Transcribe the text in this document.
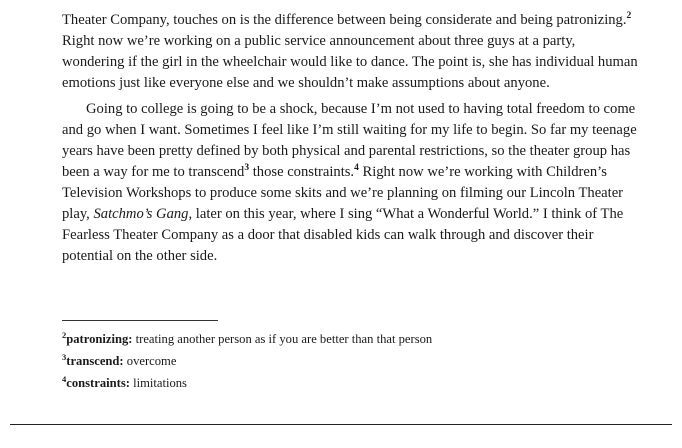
Theater Company, touches on is the difference between being considerate and being patronizing.$^2$ Right now we’re working on a public service announcement about three guys at a party,  wondering if the girl in the wheelchair would like to dance. The point is, she has individual human emotions just like everyone else and we shouldn’t make assumptions about anyone.

Going to college is going to be a shock, because I’m not used to having total freedom to come and go when I want. Sometimes I feel like I’m still waiting for my life to begin. So far my teenage years have been pretty defined by both physical and parental restrictions, so the theater group has been a way for me to transcend$^3$ those constraints.$^4$ Right now we’re working with Children’s Television Workshops to produce some skits and we’re planning on filming our Lincoln Theater play, Satchmo’s Gang, later on this year, where I sing “What a Wonderful World.” I think of The Fearless Theater Company as a door that disabled kids can walk through and discover their potential on the other side.

$^2$patronizing: treating another person as if you are better than that person
$^3$transcend: overcome
$^4$constraints: limitations
